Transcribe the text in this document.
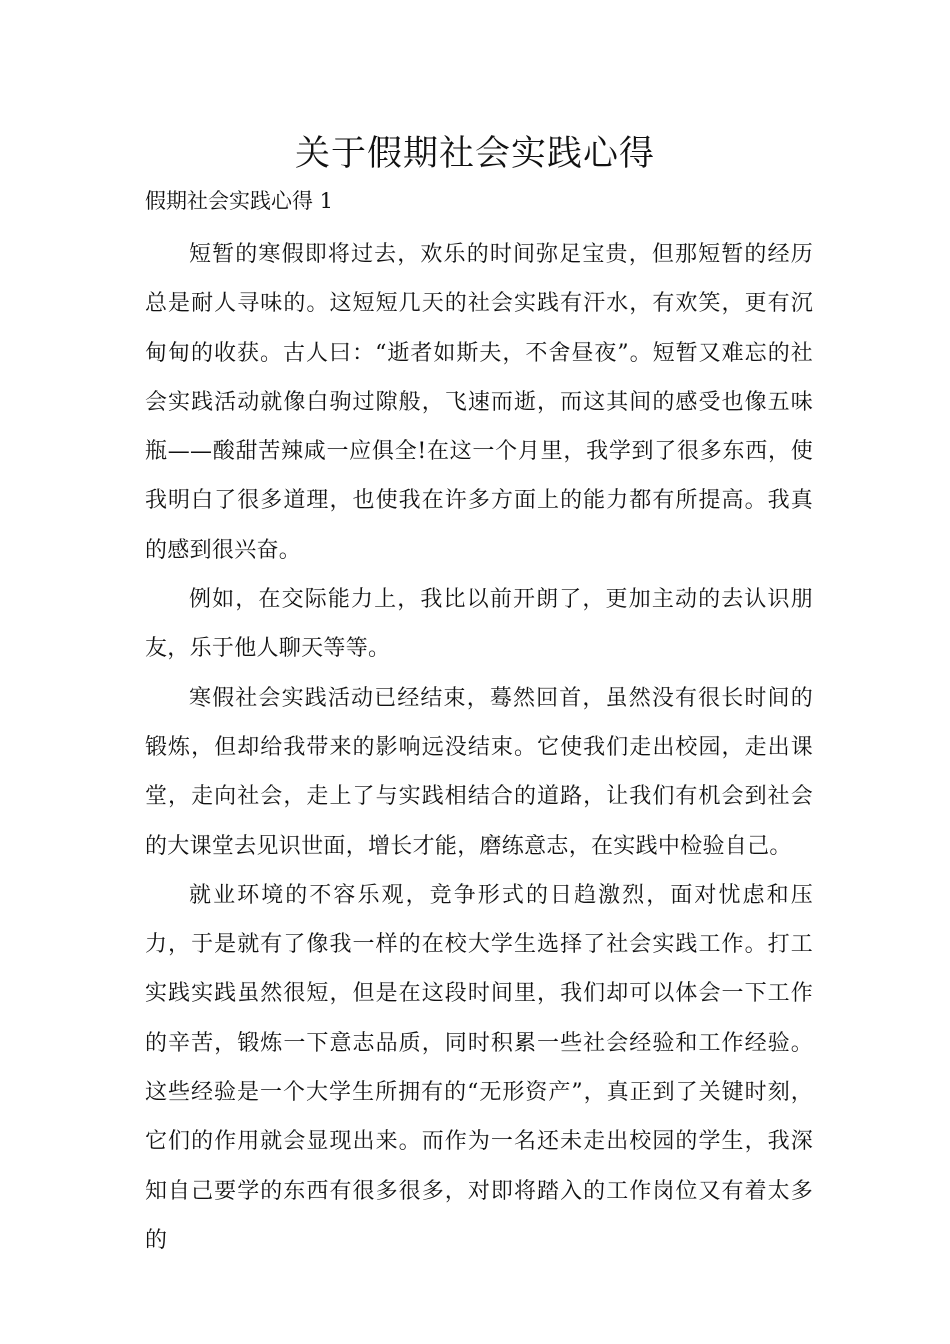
关于假期社会实践心得

假期社会实践心得 1

短暂的寒假即将过去，欢乐的时间弥足宝贵，但那短暂的经历总是耐人寻味的。这短短几天的社会实践有汗水，有欢笑，更有沉甸甸的收获。古人曰：“逝者如斯夫，不舍昼夜”。短暂又难忘的社会实践活动就像白驹过隙般，飞速而逝，而这其间的感受也像五味瓶——酸甜苦辣咸一应俱全!在这一个月里，我学到了很多东西，使我明白了很多道理，也使我在许多方面上的能力都有所提高。我真的感到很兴奋。

例如，在交际能力上，我比以前开朗了，更加主动的去认识朋友，乐于他人聊天等等。

寒假社会实践活动已经结束，蓦然回首，虽然没有很长时间的锻炼，但却给我带来的影响远没结束。它使我们走出校园，走出课堂，走向社会，走上了与实践相结合的道路，让我们有机会到社会的大课堂去见识世面，增长才能，磨练意志，在实践中检验自己。

就业环境的不容乐观，竞争形式的日趋激烈，面对忧虑和压力，于是就有了像我一样的在校大学生选择了社会实践工作。打工实践实践虽然很短，但是在这段时间里，我们却可以体会一下工作的辛苦，锻炼一下意志品质，同时积累一些社会经验和工作经验。这些经验是一个大学生所拥有的“无形资产”，真正到了关键时刻，它们的作用就会显现出来。而作为一名还未走出校园的学生，我深知自己要学的东西有很多很多，对即将踏入的工作岗位又有着太多的
